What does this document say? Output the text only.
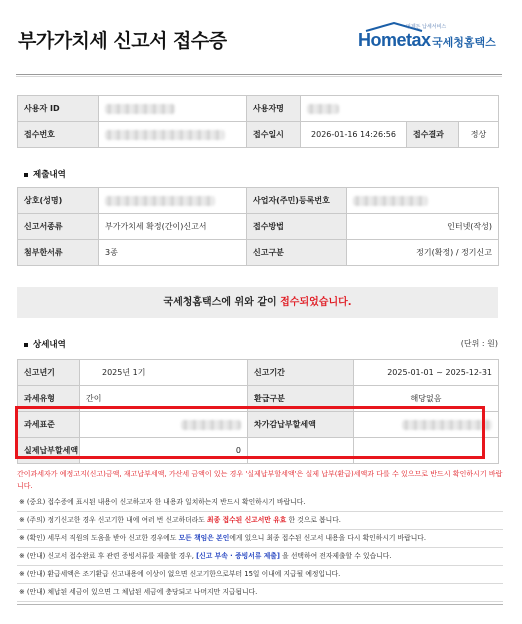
부가가치세 신고서 접수증
언제든 납세서비스
Hometax 국세청홈택스
사용자 ID		사용자명			
접수번호		접수일시	2026-01-16 14:26:56	접수결과	정상
제출내역
상호(성명)		사업자(주민)등록번호	
신고서종류	부가가치세 확정(간이)신고서	접수방법	인터넷(작성)
첨부한서류	3종	신고구분	정기(확정) / 정기신고
국세청홈택스에 위와 같이 접수되었습니다.
상세내역	(단위 : 원)
신고년기	2025년 1기	신고기간	2025-01-01 ~ 2025-12-31
과세유형	간이	환급구분	해당없음
과세표준		차가감납부할세액	
실제납부할세액	0		
간이과세자가 예정고지(신고)금액, 재고납부세액, 가산세 금액이 있는 경우 '실제납부할세액'은 실제 납부(환급)세액과 다를 수 있으므로 반드시 확인하시기 바랍니다.
※ (중요) 접수증에 표시된 내용이 신고하고자 한 내용과 일치하는지 반드시 확인하시기 바랍니다.
※ (주의) 정기신고한 경우 신고기한 내에 여러 번 신고하더라도 최종 접수된 신고서만 유효 한 것으로 봅니다.
※ (확인) 세무서 직원의 도움을 받아 신고한 경우에도 모든 책임은 본인에게 있으니 최종 접수된 신고서 내용을 다시 확인하시기 바랍니다.
※ (안내) 신고서 접수완료 후 관련 증빙서류를 제출할 경우, [신고 부속 · 증빙서류 제출] 을 선택하여 전자제출할 수 있습니다.
※ (안내) 환급세액은 조기환급 신고내용에 이상이 없으면 신고기한으로부터 15일 이내에 지급될 예정입니다.
※ (안내) 체납된 세금이 있으면 그 체납된 세금에 충당되고 나머지만 지급됩니다.
